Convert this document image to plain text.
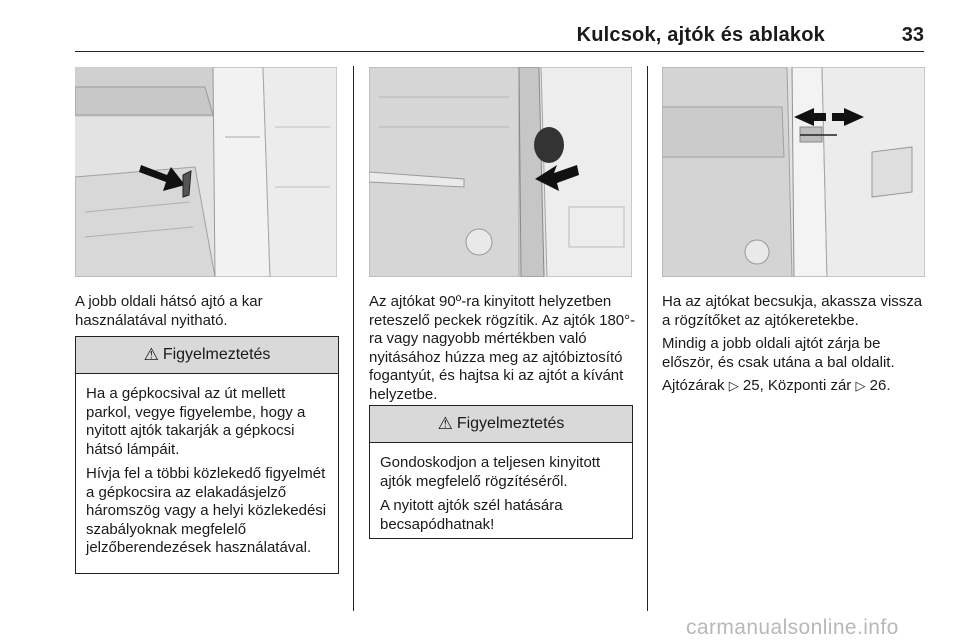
Kulcsok, ajtók és ablakok	33

A jobb oldali hátsó ajtó a kar használatával nyitható.

⚠ Figyelmeztetés

Ha a gépkocsival az út mellett parkol, vegye figyelembe, hogy a nyitott ajtók takarják a gépkocsi hátsó lámpáit.

Hívja fel a többi közlekedő figyelmét a gépkocsira az elakadásjelző háromszög vagy a helyi közlekedési szabályoknak megfelelő jelzőberendezések használatával.

Az ajtókat 90º-ra kinyitott helyzetben reteszelő peckek rögzítik. Az ajtók 180°-ra vagy nagyobb mértékben való nyitásához húzza meg az ajtóbiztosító fogantyút, és hajtsa ki az ajtót a kívánt helyzetbe.

⚠ Figyelmeztetés

Gondoskodjon a teljesen kinyitott ajtók megfelelő rögzítéséről.

A nyitott ajtók szél hatására becsapódhatnak!

Ha az ajtókat becsukja, akassza vissza a rögzítőket az ajtókeretekbe.

Mindig a jobb oldali ajtót zárja be először, és csak utána a bal oldalit.

Ajtózárak ▷ 25, Központi zár ▷ 26.

carmanualsonline.info
